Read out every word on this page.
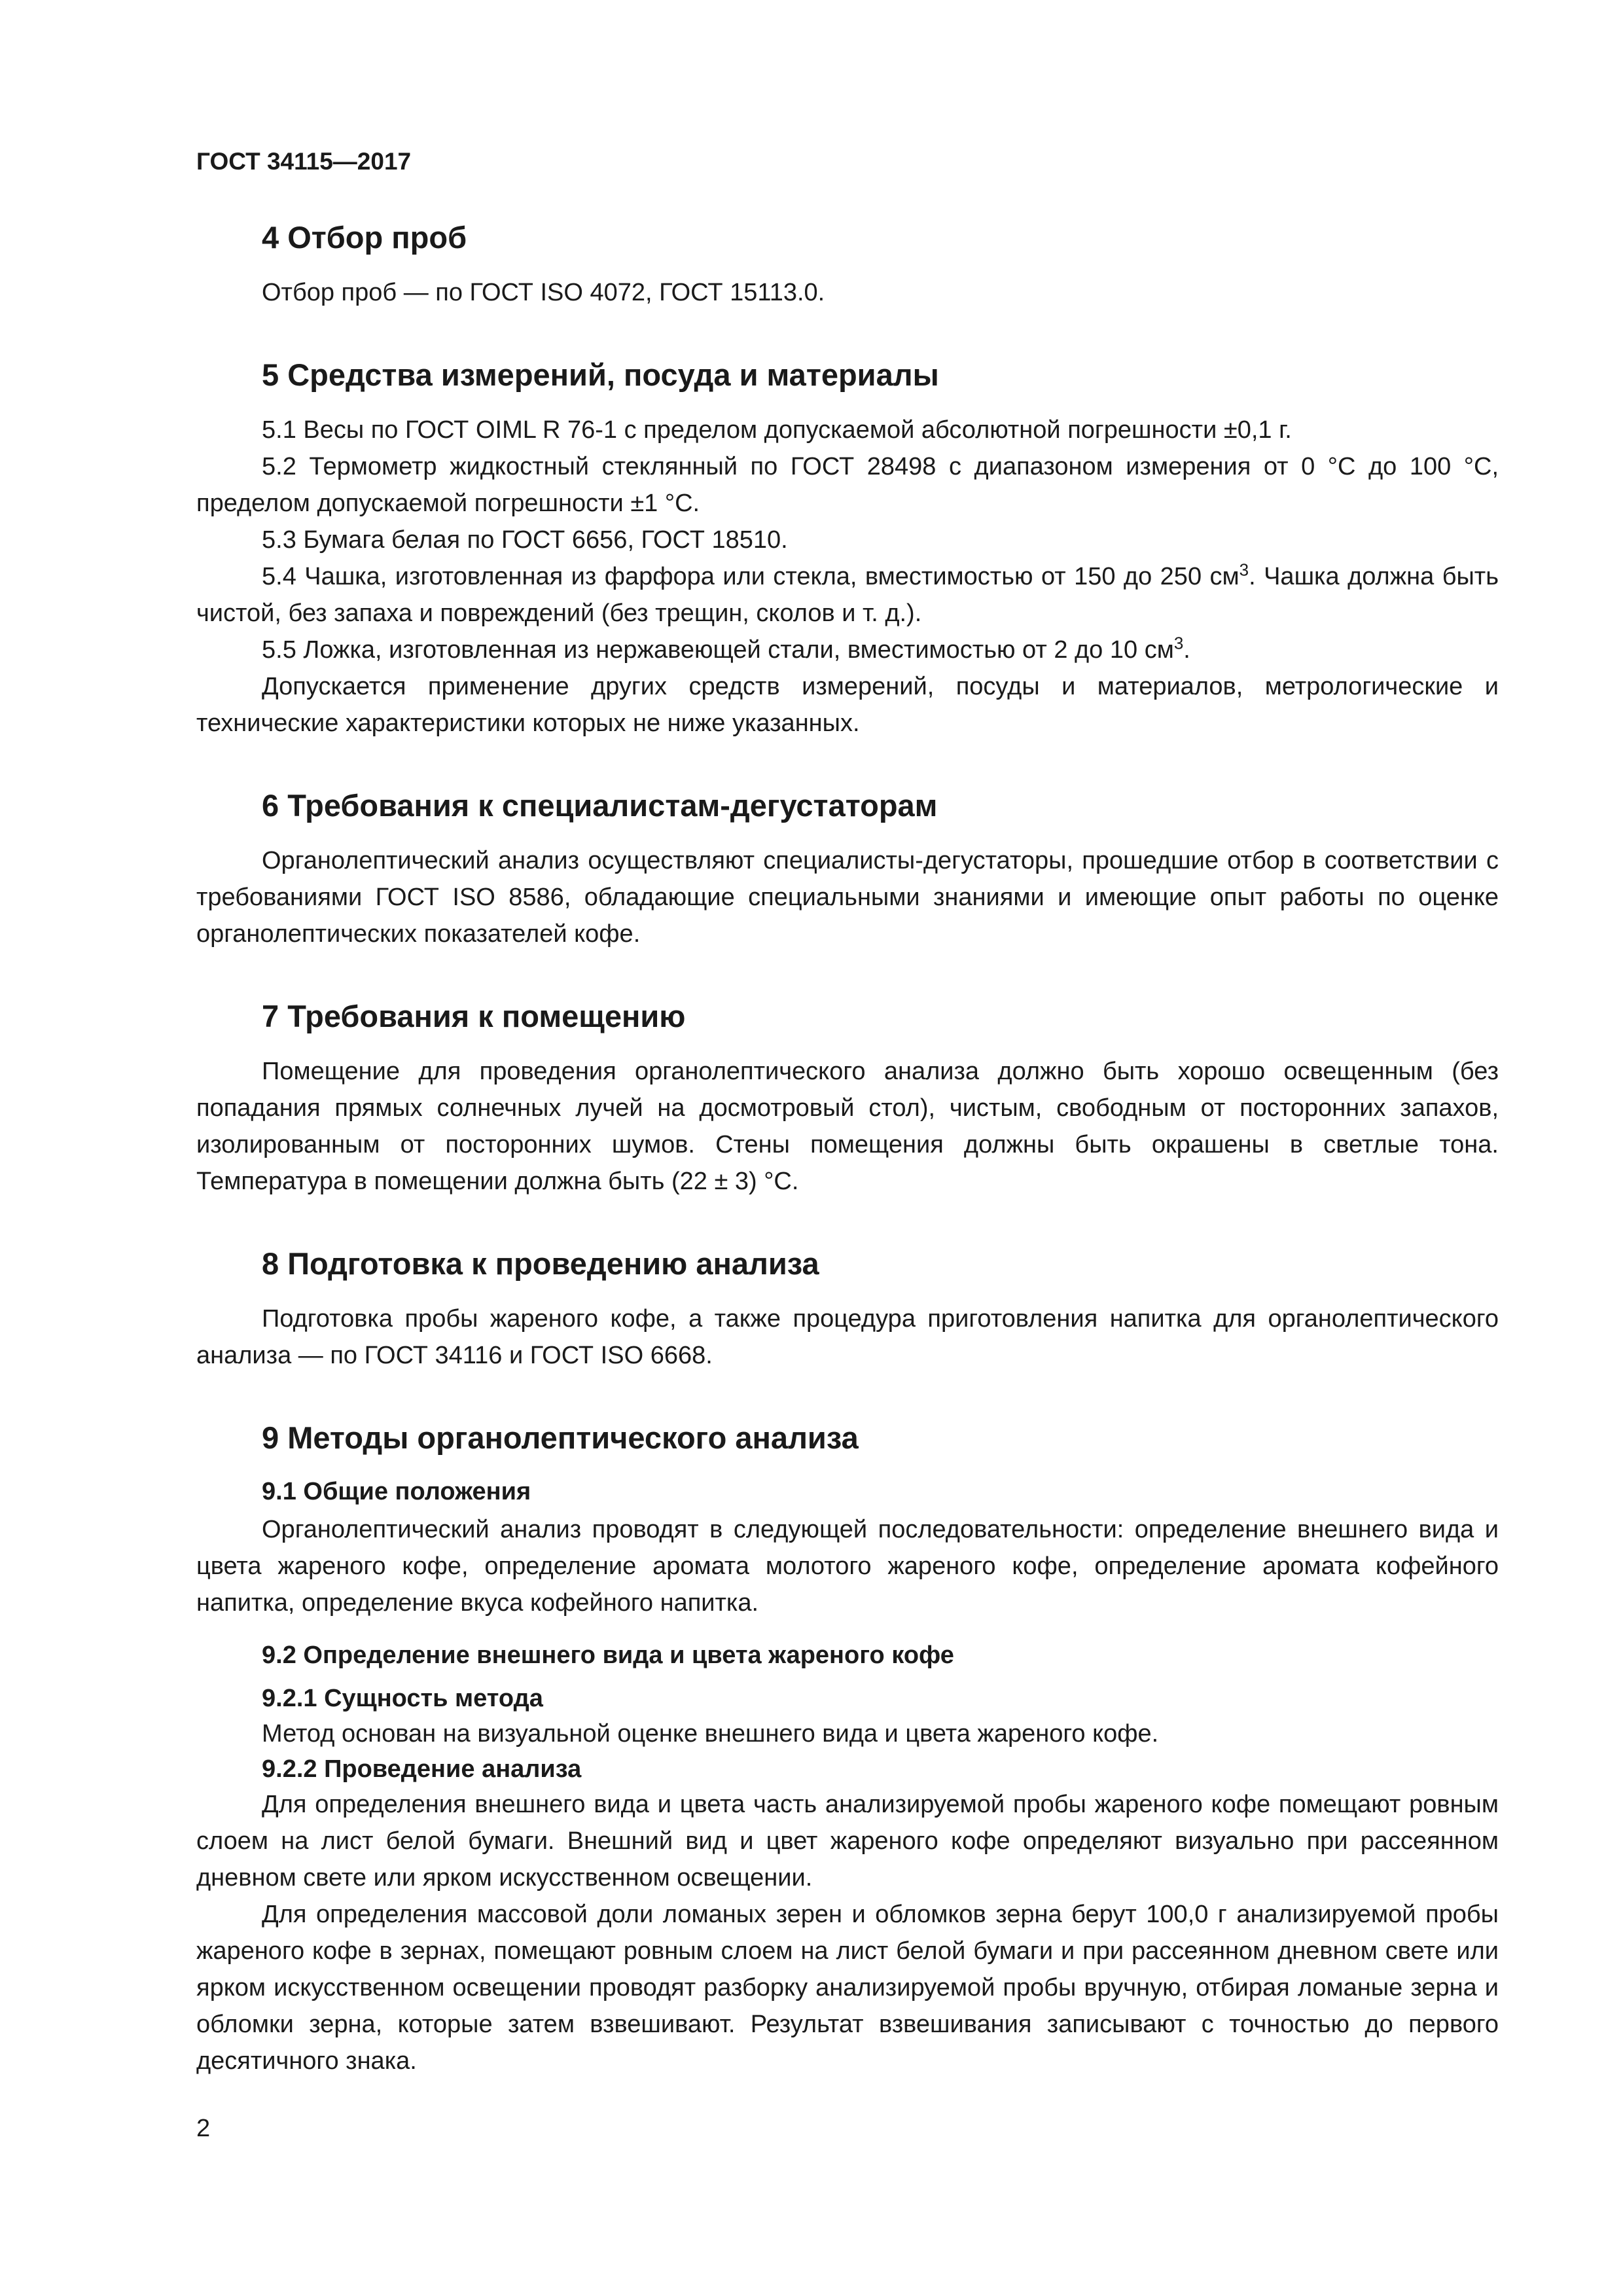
ГОСТ 34115—2017
4 Отбор проб

Отбор проб — по ГОСТ ISO 4072, ГОСТ 15113.0.

5 Средства измерений, посуда и материалы

5.1 Весы по ГОСТ OIML R 76-1 с пределом допускаемой абсолютной погрешности ±0,1 г.

5.2 Термометр жидкостный стеклянный по ГОСТ 28498 с диапазоном измерения от 0 °С до 100 °С, пределом допускаемой погрешности ±1 °С.

5.3 Бумага белая по ГОСТ 6656, ГОСТ 18510.

5.4 Чашка, изготовленная из фарфора или стекла, вместимостью от 150 до 250 $см^3$. Чашка должна быть чистой, без запаха и повреждений (без трещин, сколов и т. д.).

5.5 Ложка, изготовленная из нержавеющей стали, вместимостью от 2 до 10 $см^3$.

Допускается применение других средств измерений, посуды и материалов, метрологические и технические характеристики которых не ниже указанных.

6 Требования к специалистам-дегустаторам

Органолептический анализ осуществляют специалисты-дегустаторы, прошедшие отбор в соответствии с требованиями ГОСТ ISO 8586, обладающие специальными знаниями и имеющие опыт работы по оценке органолептических показателей кофе.

7 Требования к помещению

Помещение для проведения органолептического анализа должно быть хорошо освещенным (без попадания прямых солнечных лучей на досмотровый стол), чистым, свободным от посторонних запахов, изолированным от посторонних шумов. Стены помещения должны быть окрашены в светлые тона. Температура в помещении должна быть (22 ± 3) °С.

8 Подготовка к проведению анализа

Подготовка пробы жареного кофе, а также процедура приготовления напитка для органолептического анализа — по ГОСТ 34116 и ГОСТ ISO 6668.

9 Методы органолептического анализа
9.1 Общие положения

Органолептический анализ проводят в следующей последовательности: определение внешнего вида и цвета жареного кофе, определение аромата молотого жареного кофе, определение аромата кофейного напитка, определение вкуса кофейного напитка.

9.2 Определение внешнего вида и цвета жареного кофе
9.2.1 Сущность метода

Метод основан на визуальной оценке внешнего вида и цвета жареного кофе.

9.2.2 Проведение анализа

Для определения внешнего вида и цвета часть анализируемой пробы жареного кофе помещают ровным слоем на лист белой бумаги. Внешний вид и цвет жареного кофе определяют визуально при рассеянном дневном свете или ярком искусственном освещении.

Для определения массовой доли ломаных зерен и обломков зерна берут 100,0 г анализируемой пробы жареного кофе в зернах, помещают ровным слоем на лист белой бумаги и при рассеянном дневном свете или ярком искусственном освещении проводят разборку анализируемой пробы вручную, отбирая ломаные зерна и обломки зерна, которые затем взвешивают. Результат взвешивания записывают с точностью до первого десятичного знака.

2
